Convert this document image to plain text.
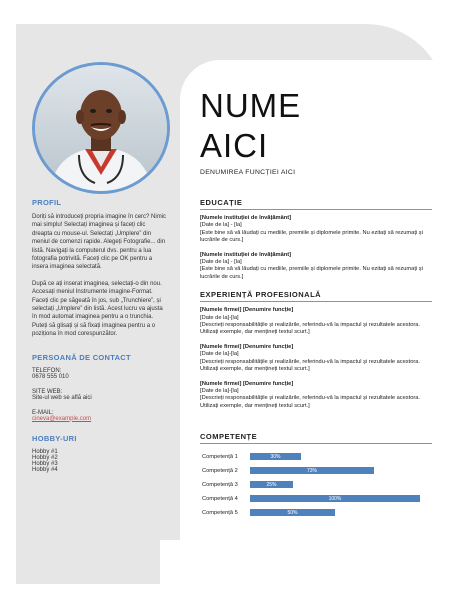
PROFIL

Doriți să introduceți propria imagine în cerc? Nimic mai simplu! Selectați imaginea și faceți clic dreapta cu mouse-ul. Selectați „Umplere” din meniul de comenzi rapide. Alegeți Fotografie... din listă. Navigați la computerul dvs. pentru a lua fotografia potrivită. Faceți clic pe OK pentru a insera imaginea selectată.

După ce ați inserat imaginea, selectați-o din nou. Accesați meniul Instrumente imagine-Format. Faceți clic pe săgeată în jos, sub „Trunchiere”, și selectați „Umplere” din listă. Acest lucru va ajusta în mod automat imaginea pentru a o trunchia. Puteți să glisați și să fixați imaginea pentru a o poziționa în mod corespunzător.

PERSOANĂ DE CONTACT
TELEFON:
0678 555 010
SITE WEB:
Site-ul web se află aici
E-MAIL:
cineva@example.com
HOBBY-URI
Hobby #1
Hobby #2
Hobby #3
Hobby #4
NUME
AICI
DENUMIREA FUNCȚIEI AICI
EDUCAȚIE
[Numele instituției de învățământ]
[Date de la] - [la]
[Este bine să vă lăudați cu mediile, premiile și diplomele primite. Nu ezitați să rezumați și lucrările de curs.]
[Numele instituției de învățământ]
[Date de la] - [la]
[Este bine să vă lăudați cu mediile, premiile și diplomele primite. Nu ezitați să rezumați și lucrările de curs.]
EXPERIENȚĂ PROFESIONALĂ
[Numele firmei] [Denumire funcție]
[Date de la]-[la]
[Descrieți responsabilitățile și realizările, referindu-vă la impactul și rezultatele acestora. Utilizați exemple, dar mențineți textul scurt.]
[Numele firmei] [Denumire funcție]
[Date de la]-[la]
[Descrieți responsabilitățile și realizările, referindu-vă la impactul și rezultatele acestora. Utilizați exemple, dar mențineți textul scurt.]
[Numele firmei] [Denumire funcție]
[Date de la]-[la]
[Descrieți responsabilitățile și realizările, referindu-vă la impactul și rezultatele acestora. Utilizați exemple, dar mențineți textul scurt.]
COMPETENȚE
Competență 1	30%
Competență 2	73%
Competență 3	25%
Competență 4	100%
Competență 5	50%
